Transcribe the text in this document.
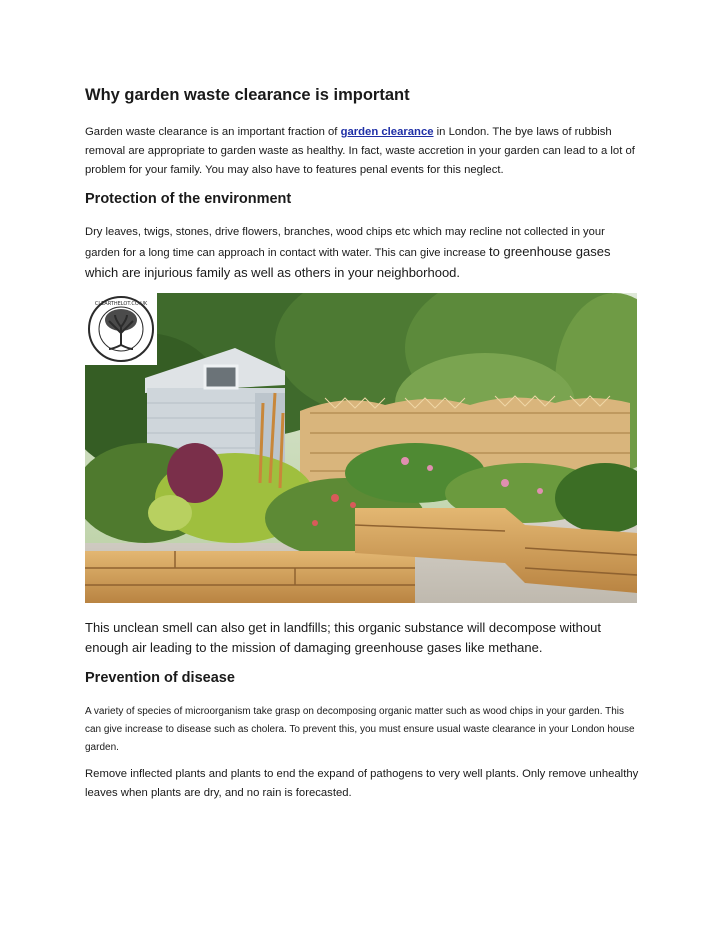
Why garden waste clearance is important

Garden waste clearance is an important fraction of garden clearance in London. The bye laws of rubbish removal are appropriate to garden waste as healthy. In fact, waste accretion in your garden can lead to a lot of problem for your family. You may also have to features penal events for this neglect.

Protection of the environment

Dry leaves, twigs, stones, drive flowers, branches, wood chips etc which may recline not collected in your garden for a long time can approach in contact with water. This can give increase to greenhouse gases which are injurious family as well as others in your neighborhood.

CLEARTHELOT.CO.UK

This unclean smell can also get in landfills; this organic substance will decompose without enough air leading to the mission of damaging greenhouse gases like methane.

Prevention of disease

A variety of species of microorganism take grasp on decomposing organic matter such as wood chips in your garden. This can give increase to disease such as cholera. To prevent this, you must ensure usual waste clearance in your London house garden.

Remove inflected plants and plants to end the expand of pathogens to very well plants. Only remove unhealthy leaves when plants are dry, and no rain is forecasted.
